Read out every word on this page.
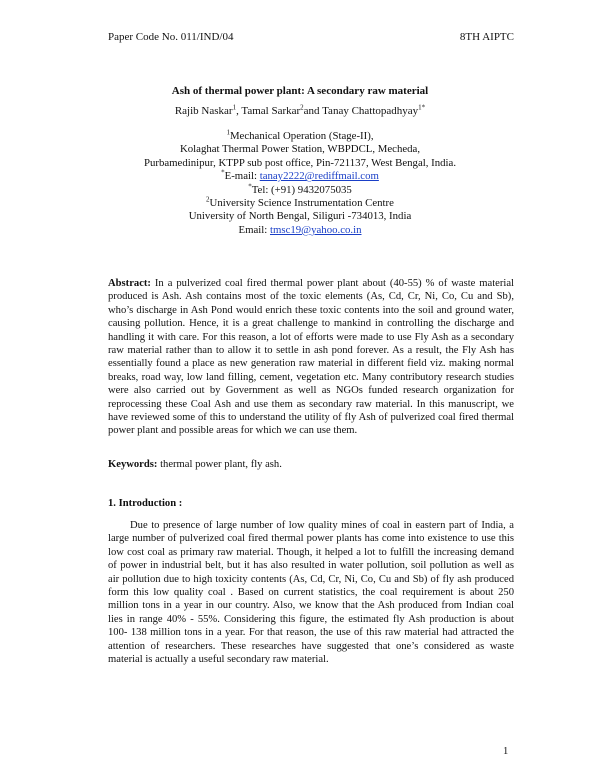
Paper Code No. 011/IND/04	8TH AIPTC
Ash of thermal power plant: A secondary raw material
Rajib Naskar$^1$, Tamal Sarkar$^2$and Tanay Chattopadhyay$^{1*}$
$^1$Mechanical Operation (Stage-II),
Kolaghat Thermal Power Station, WBPDCL, Mecheda,
Purbamedinipur, KTPP sub post office, Pin-721137, West Bengal, India.
*E-mail: tanay2222@rediffmail.com
*Tel: (+91) 9432075035
$^2$University Science Instrumentation Centre
University of North Bengal, Siliguri -734013, India
Email: tmsc19@yahoo.co.in

Abstract: In a pulverized coal fired thermal power plant about (40-55) % of waste material produced is Ash. Ash contains most of the toxic elements (As, Cd, Cr, Ni, Co, Cu and Sb), who’s discharge in Ash Pond would enrich these toxic contents into the soil and ground water, causing pollution. Hence, it is a great challenge to mankind in controlling the discharge and handling it with care. For this reason, a lot of efforts were made to use Fly Ash as a secondary raw material rather than to allow it to settle in ash pond forever. As a result, the Fly Ash has essentially found a place as new generation raw material in different field viz. making normal breaks, road way, low land filling, cement, vegetation etc. Many contributory research studies were also carried out by Government as well as NGOs funded research organization for reprocessing these Coal Ash and use them as secondary raw material. In this manuscript, we have reviewed some of this to understand the utility of fly Ash of pulverized coal fired thermal power plant and possible areas for which we can use them.

Keywords: thermal power plant, fly ash.

1. Introduction :

Due to presence of large number of low quality mines of coal in eastern part of India, a large number of pulverized coal fired thermal power plants has come into existence to use this low cost coal as primary raw material. Though, it helped a lot to fulfill the increasing demand of power in industrial belt, but it has also resulted in water pollution, soil pollution as well as air pollution due to high toxicity contents (As, Cd, Cr, Ni, Co, Cu and Sb) of fly ash produced form this low quality coal . Based on current statistics, the coal requirement is about 250 million tons in a year in our country. Also, we know that the Ash produced from Indian coal lies in range 40% - 55%. Considering this figure, the estimated fly Ash production is about 100- 138 million tons in a year. For that reason, the use of this raw material had attracted the attention of researchers. These researches have suggested that one’s considered as waste material is actually a useful secondary raw material.

1
